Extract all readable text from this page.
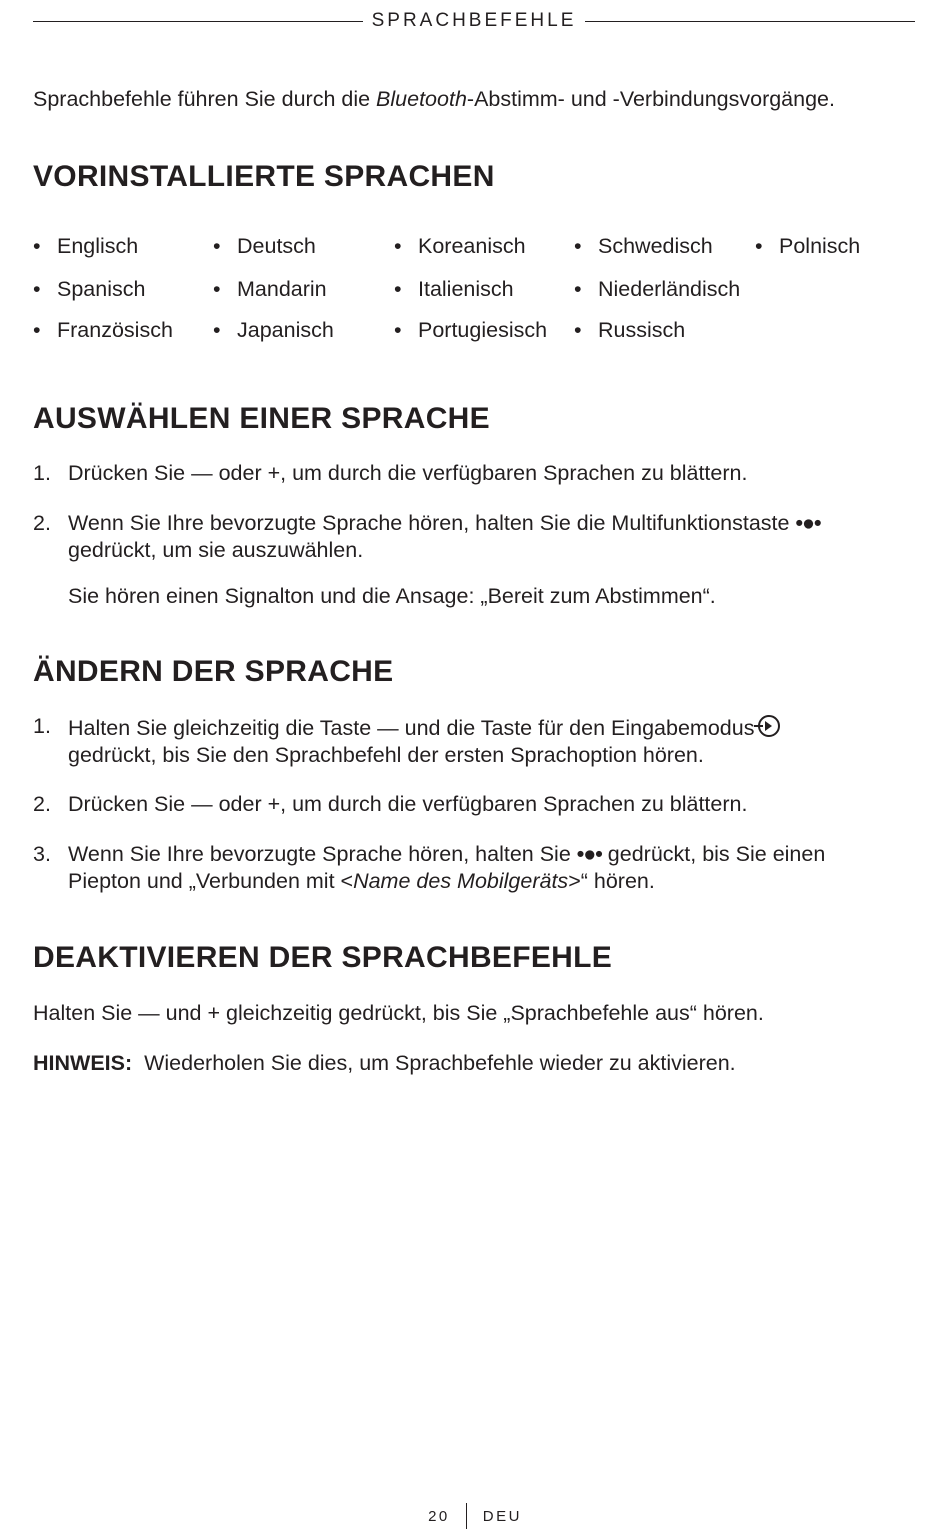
SPRACHBEFEHLE
Sprachbefehle führen Sie durch die Bluetooth-Abstimm- und -Verbindungsvorgänge.
VORINSTALLIERTE SPRACHEN
• Englisch
• Spanisch
• Französisch
• Deutsch
• Mandarin
• Japanisch
• Koreanisch
• Italienisch
• Portugiesisch
• Schwedisch
• Niederländisch
• Russisch
• Polnisch
AUSWÄHLEN EINER SPRACHE
1. Drücken Sie — oder +, um durch die verfügbaren Sprachen zu blättern.
2. Wenn Sie Ihre bevorzugte Sprache hören, halten Sie die Multifunktionstaste •●•
gedrückt, um sie auszuwählen.
Sie hören einen Signalton und die Ansage: „Bereit zum Abstimmen“.
ÄNDERN DER SPRACHE
1. Halten Sie gleichzeitig die Taste — und die Taste für den Eingabemodus
gedrückt, bis Sie den Sprachbefehl der ersten Sprachoption hören.
2. Drücken Sie — oder +, um durch die verfügbaren Sprachen zu blättern.
3. Wenn Sie Ihre bevorzugte Sprache hören, halten Sie •●• gedrückt, bis Sie einen
Piepton und „Verbunden mit <Name des Mobilgeräts>“ hören.
DEAKTIVIEREN DER SPRACHBEFEHLE
Halten Sie — und + gleichzeitig gedrückt, bis Sie „Sprachbefehle aus“ hören.
HINWEIS: Wiederholen Sie dies, um Sprachbefehle wieder zu aktivieren.
20 DEU
